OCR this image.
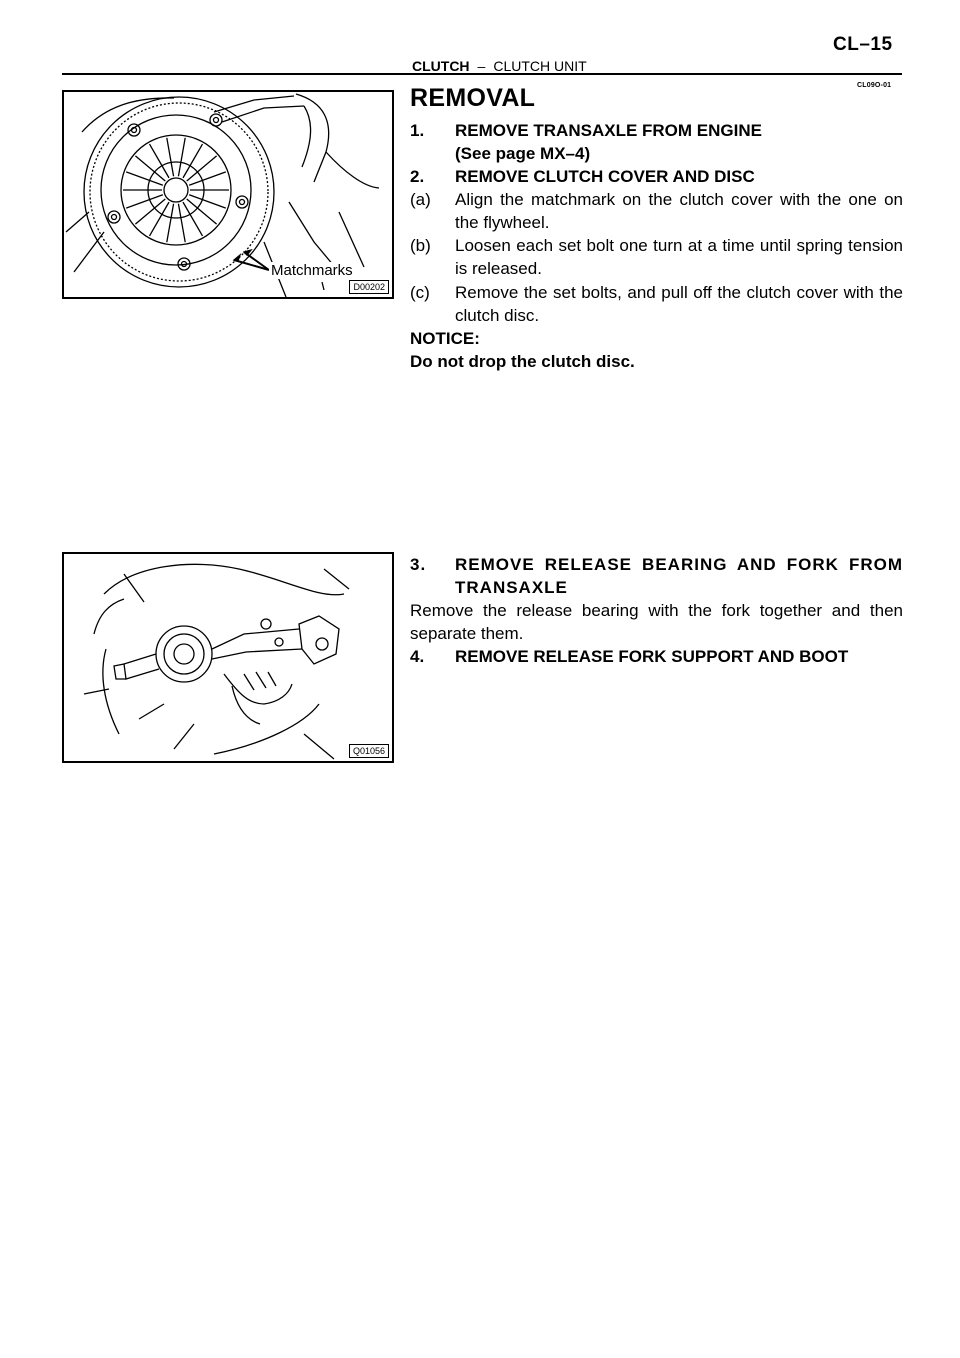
CL–15
CLUTCH – CLUTCH UNIT
CL09O-01
Matchmarks
D00202
Q01056
REMOVAL
1. REMOVE TRANSAXLE FROM ENGINE
(See page MX–4)
2. REMOVE CLUTCH COVER AND DISC
(a) Align the matchmark on the clutch cover with the one on the flywheel.
(b) Loosen each set bolt one turn at a time until spring tension is released.
(c) Remove the set bolts, and pull off the clutch cover with the clutch disc.
NOTICE:
Do not drop the clutch disc.
3. REMOVE RELEASE BEARING AND FORK FROM TRANSAXLE
Remove the release bearing with the fork together and then separate them.
4. REMOVE RELEASE FORK SUPPORT AND BOOT
